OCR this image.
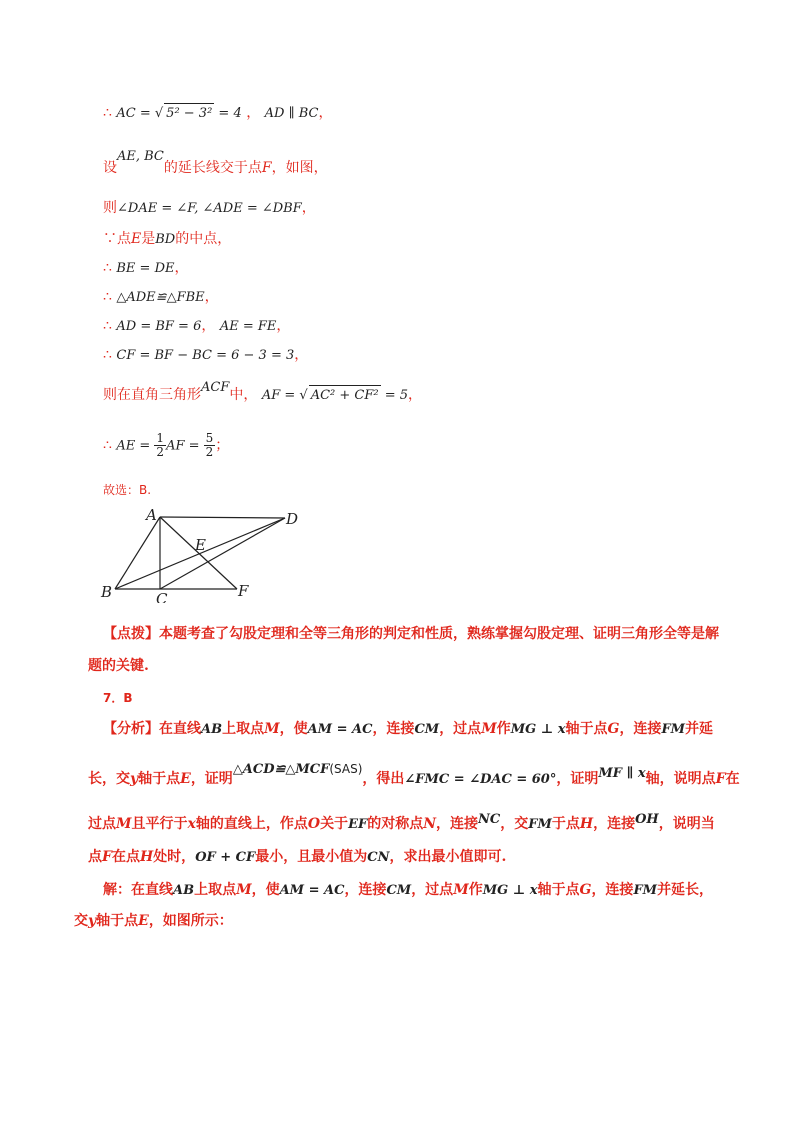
∴ AC = √ 5² − 3² = 4 ， AD ∥ BC，
设AE, BC的延长线交于点F，如图，
则∠DAE = ∠F, ∠ADE = ∠DBF，
∵点E是BD的中点，
∴ BE = DE，
∴ △ADE≌△FBE，
∴ AD = BF = 6， AE = FE，
∴ CF = BF − BC = 6 − 3 = 3，
则在直角三角形ACF中， AF = √ AC² + CF² = 5，
∴ AE = $\frac{1}{2}$ AF = $\frac{5}{2}$ ；
故选：B.
A	D
E
B	C	F
【点拨】本题考查了勾股定理和全等三角形的判定和性质，熟练掌握勾股定理、证明三角形全等是解
题的关键.
7．B
【分析】在直线AB上取点M，使AM = AC，连接CM，过点M作MG ⊥ x轴于点G，连接FM并延
长，交y轴于点E，证明△ACD≌△MCF(SAS)，得出∠FMC = ∠DAC = 60°，证明MF ∥ x轴，说明点F在
过点M且平行于x轴的直线上，作点O关于EF的对称点N，连接NC，交FM于点H，连接OH，说明当
点F在点H处时，OF + CF最小，且最小值为CN，求出最小值即可.
解：在直线AB上取点M，使AM = AC，连接CM，过点M作MG ⊥ x轴于点G，连接FM并延长，
交y轴于点E，如图所示：
